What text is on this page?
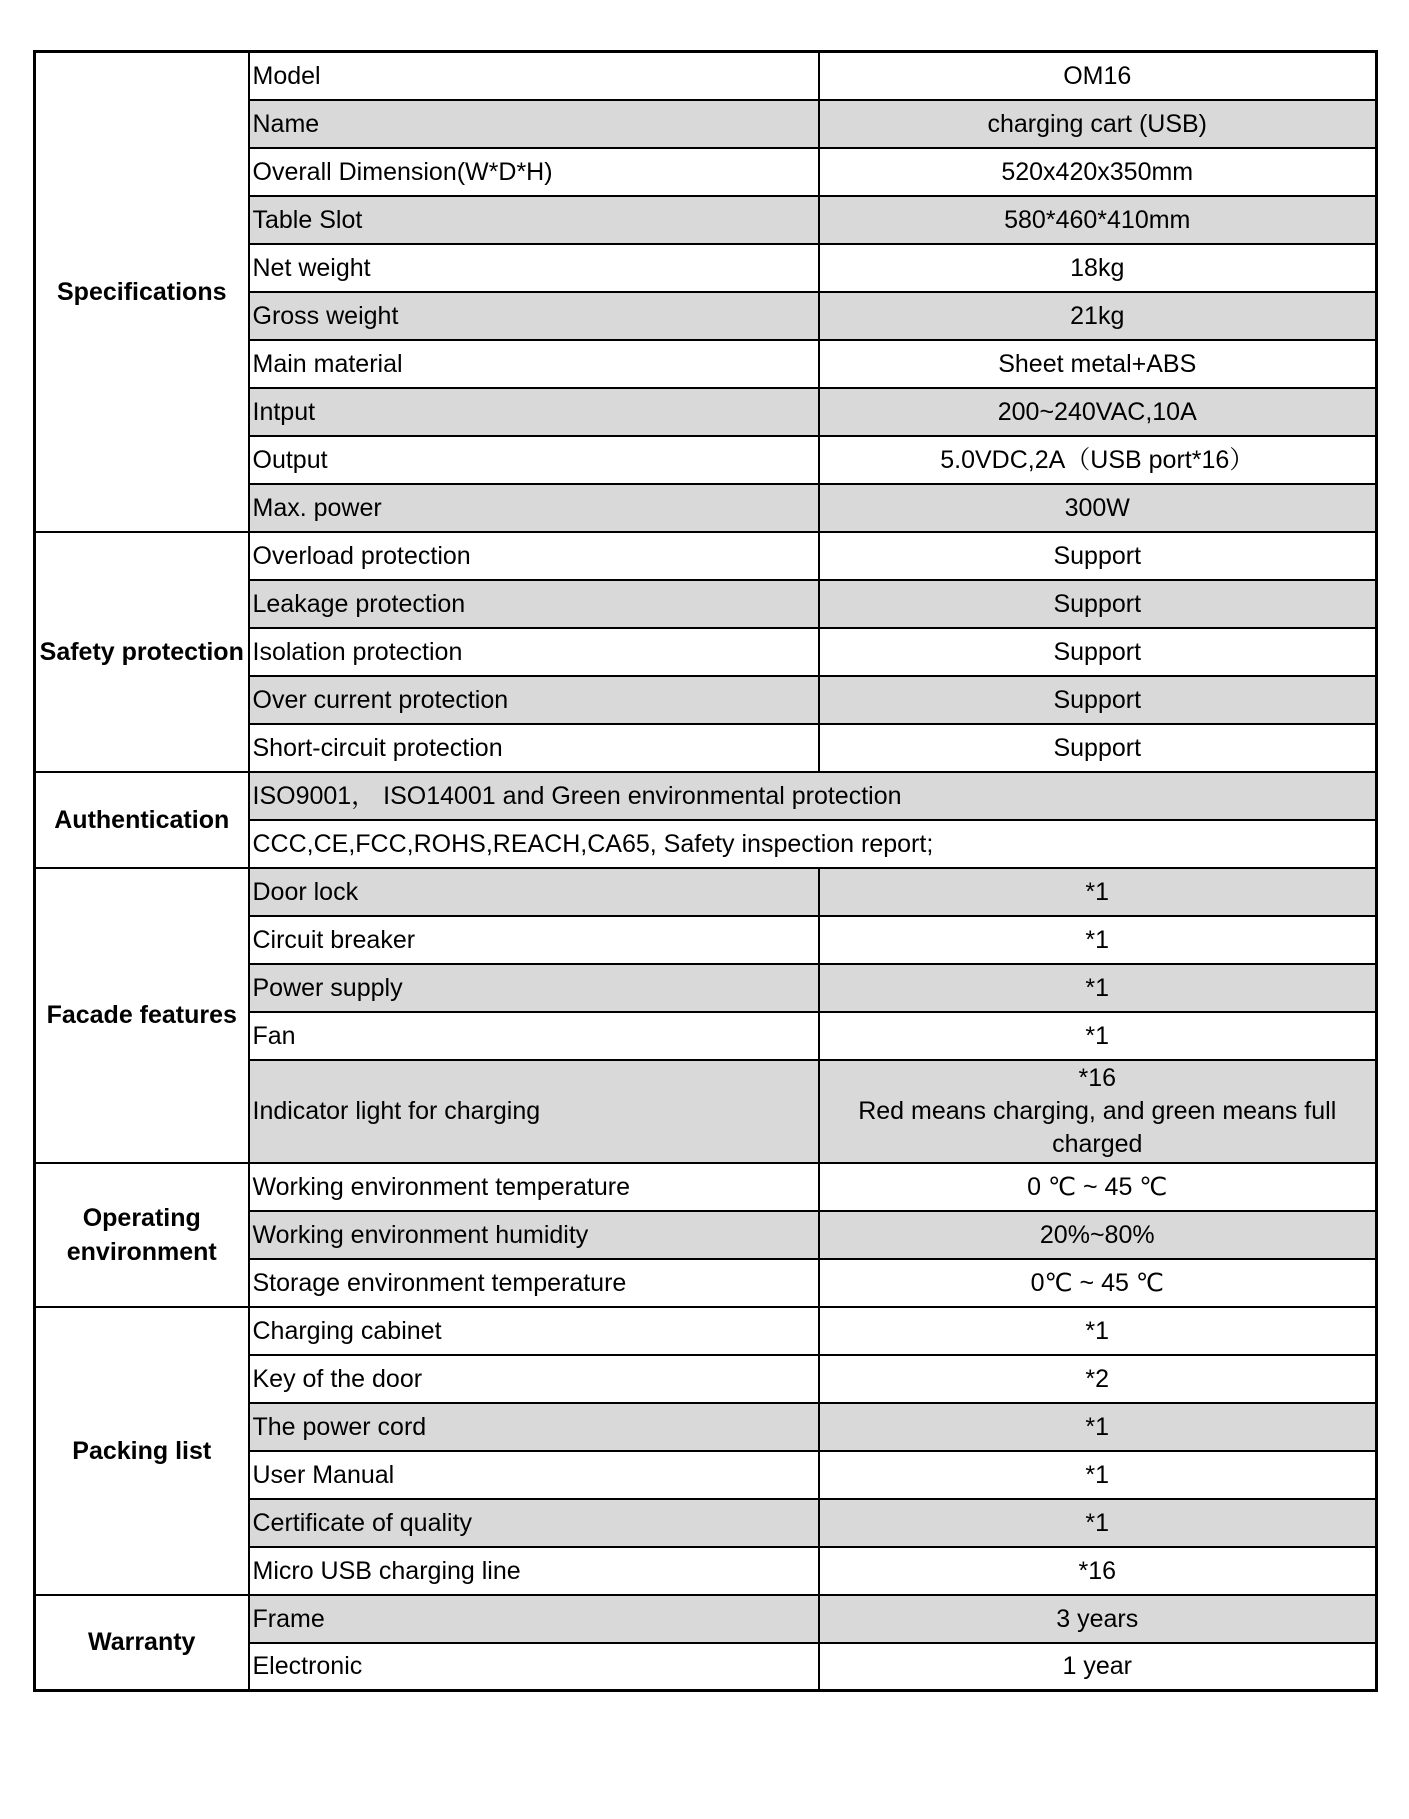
Specifications	Model	OM16
	Name	charging cart (USB)
	Overall Dimension(W*D*H)	520x420x350mm
	Table Slot	580*460*410mm
	Net weight	18kg
	Gross weight	21kg
	Main material	Sheet metal+ABS
	Intput	200~240VAC,10A
	Output	5.0VDC,2A（USB port*16）
	Max. power	300W
Safety protection	Overload protection	Support
	Leakage protection	Support
	Isolation protection	Support
	Over current protection	Support
	Short-circuit protection	Support
Authentication	ISO9001， ISO14001 and Green environmental protection	
	CCC,CE,FCC,ROHS,REACH,CA65, Safety inspection report;	
Facade features	Door lock	*1
	Circuit breaker	*1
	Power supply	*1
	Fan	*1
	Indicator light for charging	*16
Red means charging, and green means full charged

Operating environment	Working environment temperature	0 ℃ ~ 45 ℃
	Working environment humidity	20%~80%
	Storage environment temperature	0℃ ~ 45 ℃
Packing list	Charging cabinet	*1
	Key of the door	*2
	The power cord	*1
	User Manual	*1
	Certificate of quality	*1
	Micro USB charging line	*16
Warranty	Frame	3 years
	Electronic	1 year
